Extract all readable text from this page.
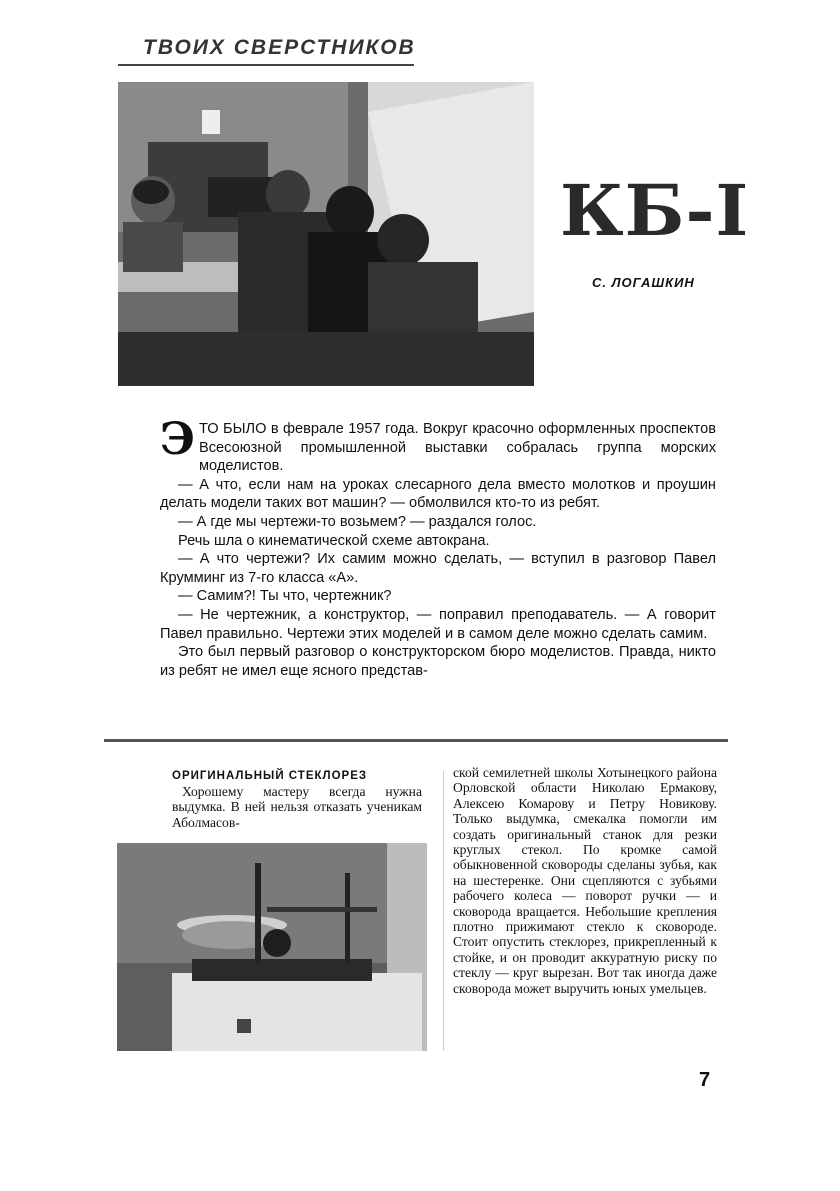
ТВОИХ СВЕРСТНИКОВ
КБ-I
С. ЛОГАШКИН

ЭТО БЫЛО в феврале 1957 года. Вокруг красочно оформленных проспектов Всесоюзной промышленной выставки собралась группа морских моделистов.

— А что, если нам на уроках слесарного дела вместо молотков и проушин делать модели таких вот машин? — обмолвился кто-то из ребят.

— А где мы чертежи-то возьмем? — раздался голос.

Речь шла о кинематической схеме автокрана.

— А что чертежи? Их самим можно сделать, — вступил в разговор Павел Крумминг из 7-го класса «А».

— Самим?! Ты что, чертежник?

— Не чертежник, а конструктор, — поправил преподаватель. — А говорит Павел правильно. Чертежи этих моделей и в самом деле можно сделать самим.

Это был первый разговор о конструкторском бюро моделистов. Правда, никто из ребят не имел еще ясного представ-

ОРИГИНАЛЬНЫЙ СТЕКЛОРЕЗ

Хорошему мастеру всегда нужна выдумка. В ней нельзя отказать ученикам Аболмасов-

ской семилетней школы Хотынецкого района Орловской области Николаю Ермакову, Алексею Комарову и Петру Новикову. Только выдумка, смекалка помогли им создать оригинальный станок для резки круглых стекол. По кромке самой обыкновенной сковороды сделаны зубья, как на шестеренке. Они сцепляются с зубьями рабочего колеса — поворот ручки — и сковорода вращается. Небольшие крепления плотно прижимают стекло к сковороде. Стоит опустить стеклорез, прикрепленный к стойке, и он проводит аккуратную риску по стеклу — круг вырезан. Вот так иногда даже сковорода может выручить юных умельцев.

7
